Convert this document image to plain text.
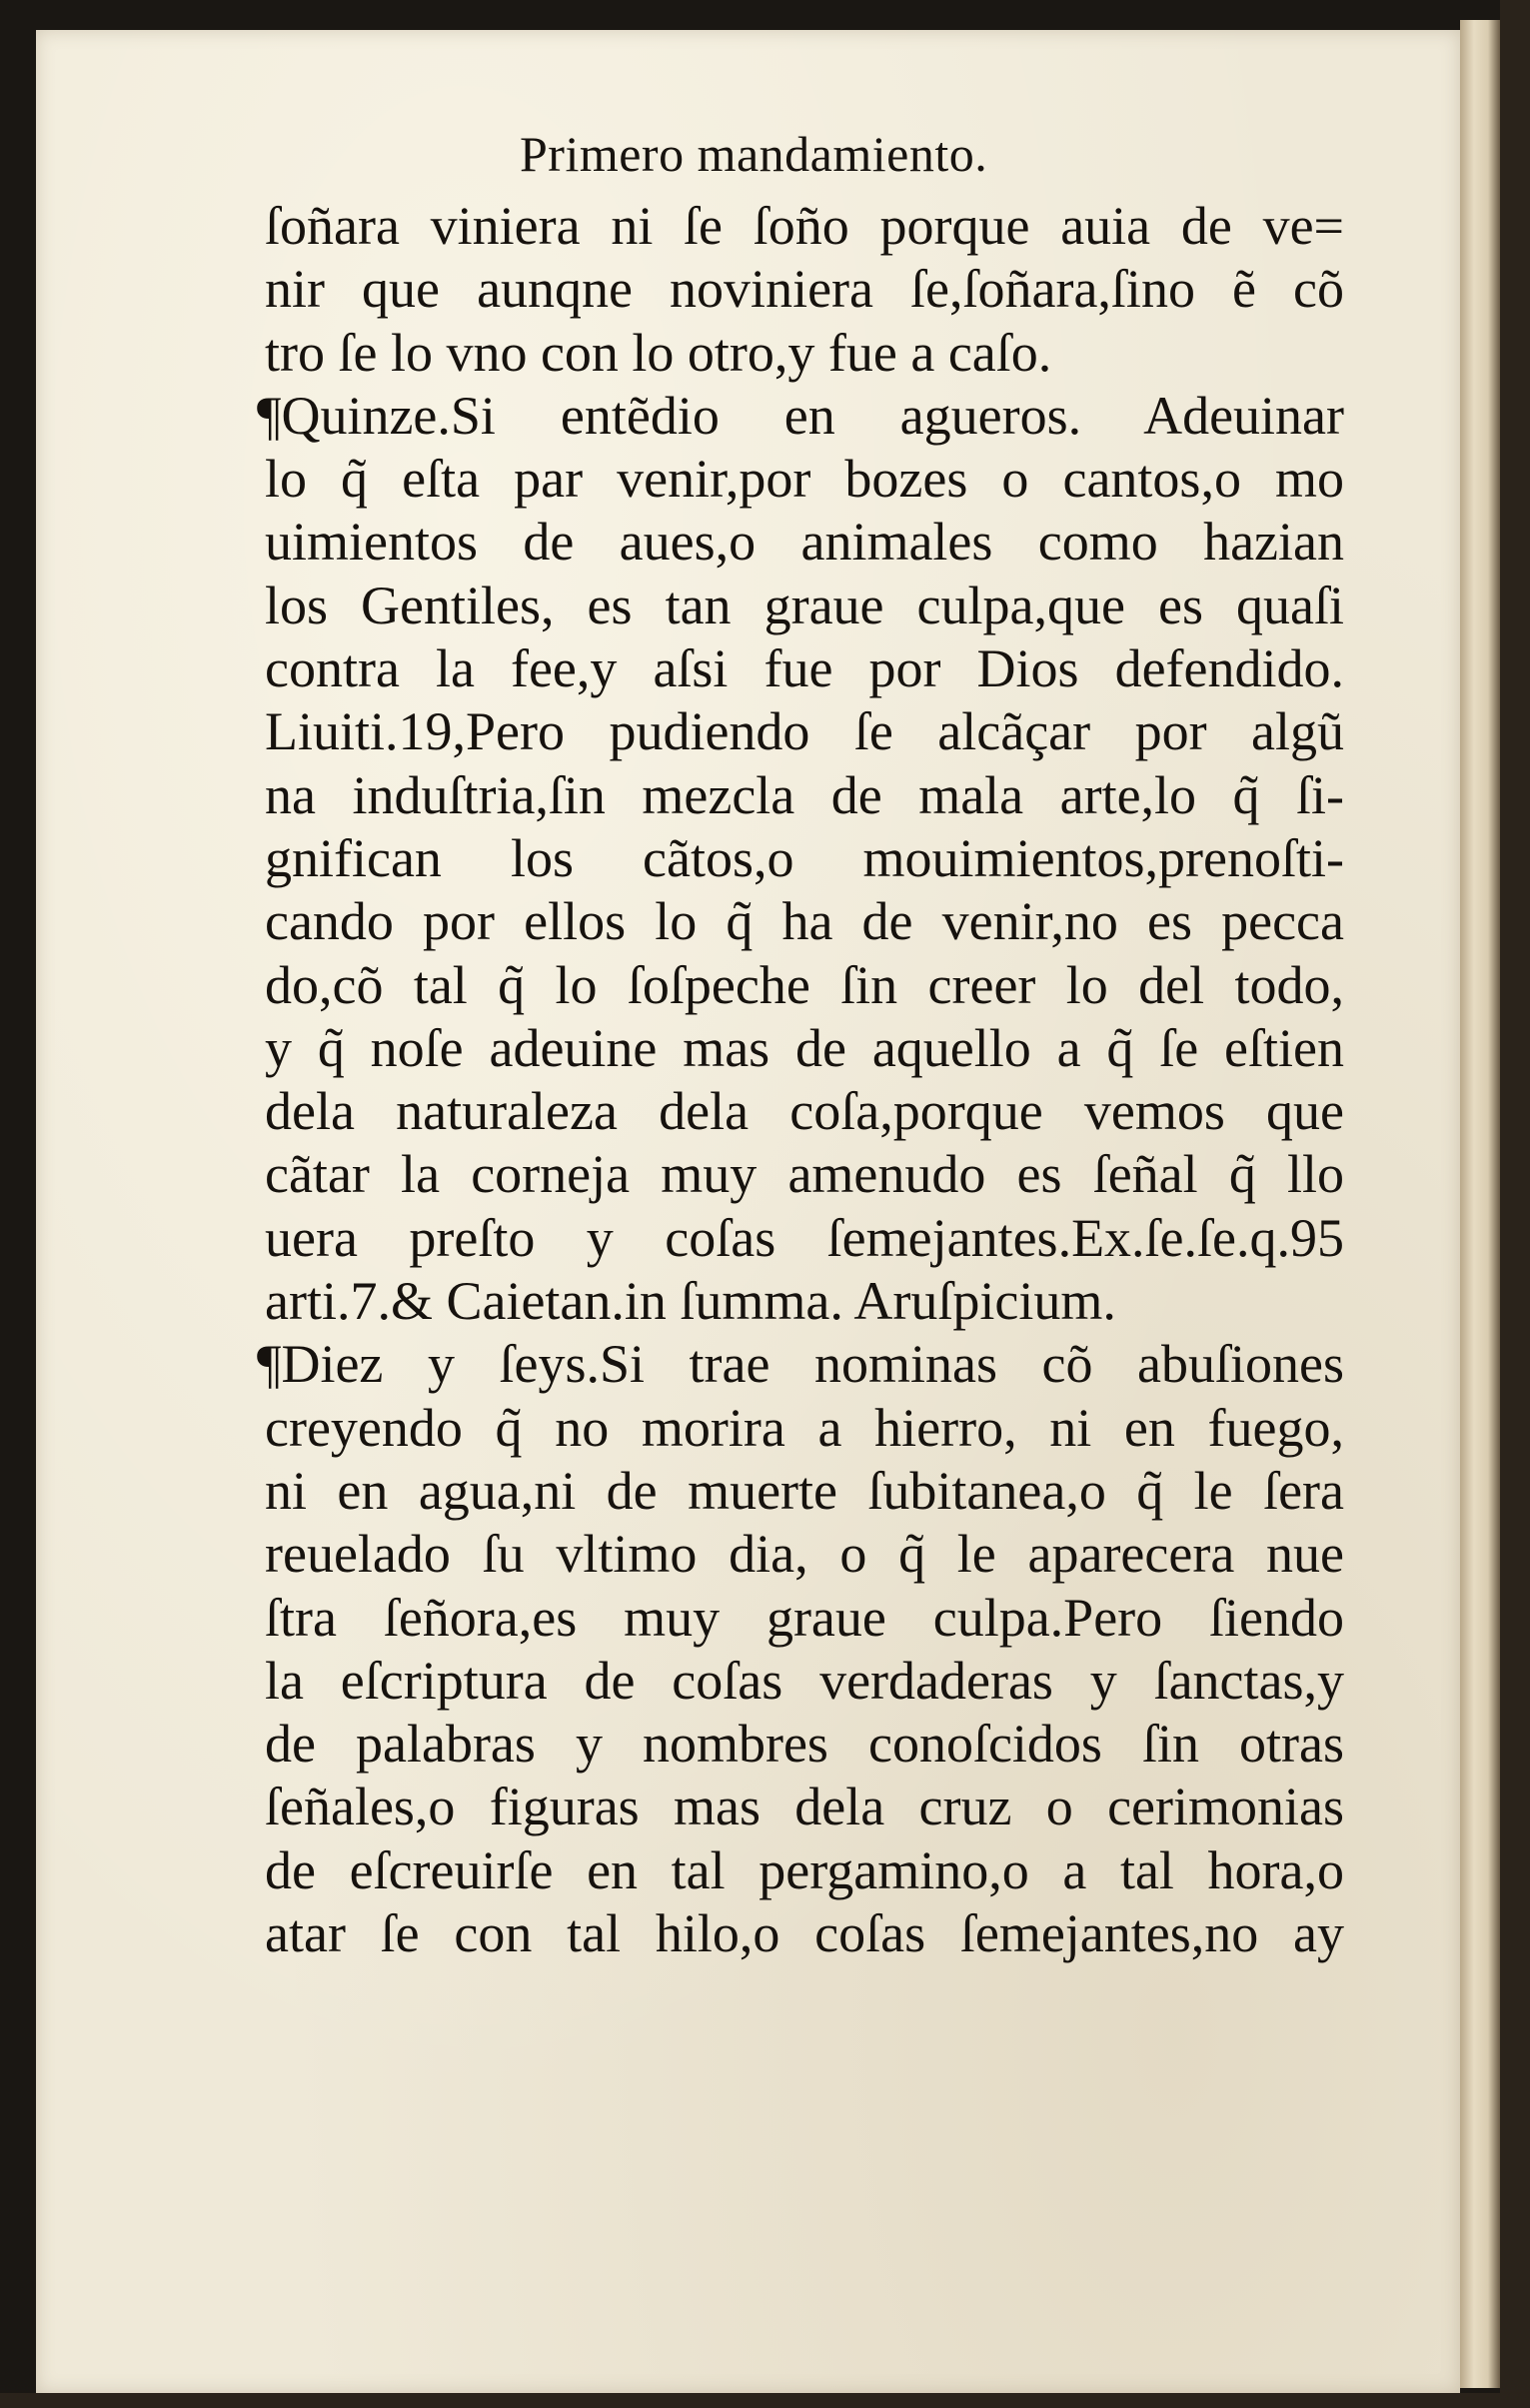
Primero mandamiento.
ſoñara viniera ni ſe ſoño porque auia de ve=
nir que aunqne noviniera ſe,ſoñara,ſino ẽ cõ
tro ſe lo vno con lo otro,y fue a caſo.
¶Quinze.Si entẽdio en agueros. Adeuinar
lo q̃ eſta par venir,por bozes o cantos,o mo
uimientos de aues,o animales como hazian
los Gentiles, es tan graue culpa,que es quaſi
contra la fee,y aſsi fue por Dios defendido.
Liuiti.19,Pero pudiendo ſe alcãçar por algũ
na induſtria,ſin mezcla de mala arte,lo q̃ ſi-
gnifican los cãtos,o mouimientos,prenoſti-
cando por ellos lo q̃ ha de venir,no es pecca
do,cõ tal q̃ lo ſoſpeche ſin creer lo del todo,
y q̃ noſe adeuine mas de aquello a q̃ ſe eſtien
dela naturaleza dela coſa,porque vemos que
cãtar la corneja muy amenudo es ſeñal q̃ llo
uera preſto y coſas ſemejantes.Ex.ſe.ſe.q.95
arti.7.& Caietan.in ſumma. Aruſpicium.
¶Diez y ſeys.Si trae nominas cõ abuſiones
creyendo q̃ no morira a hierro, ni en fuego,
ni en agua,ni de muerte ſubitanea,o q̃ le ſera
reuelado ſu vltimo dia, o q̃ le aparecera nue
ſtra ſeñora,es muy graue culpa.Pero ſiendo
la eſcriptura de coſas verdaderas y ſanctas,y
de palabras y nombres conoſcidos ſin otras
ſeñales,o figuras mas dela cruz o cerimonias
de eſcreuirſe en tal pergamino,o a tal hora,o
atar ſe con tal hilo,o coſas ſemejantes,no ay
